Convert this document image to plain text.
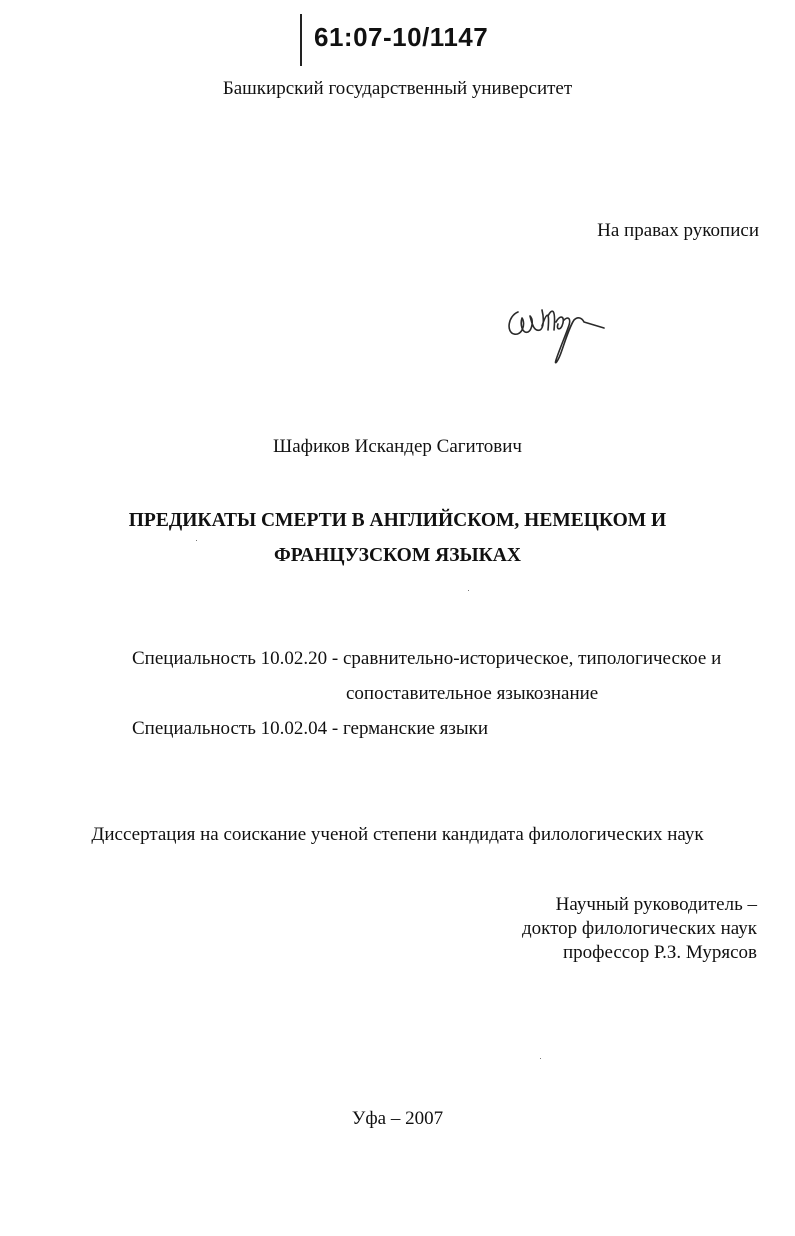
61:07-10/1147
Башкирский государственный университет
На правах рукописи
Шафиков Искандер Сагитович
ПРЕДИКАТЫ СМЕРТИ В АНГЛИЙСКОМ, НЕМЕЦКОМ И
ФРАНЦУЗСКОМ ЯЗЫКАХ
Специальность 10.02.20 - сравнительно-историческое, типологическое и
сопоставительное языкознание
Специальность 10.02.04 - германские языки
Диссертация на соискание ученой степени кандидата филологических наук
Научный руководитель –
доктор филологических наук
профессор Р.З. Мурясов
Уфа – 2007
